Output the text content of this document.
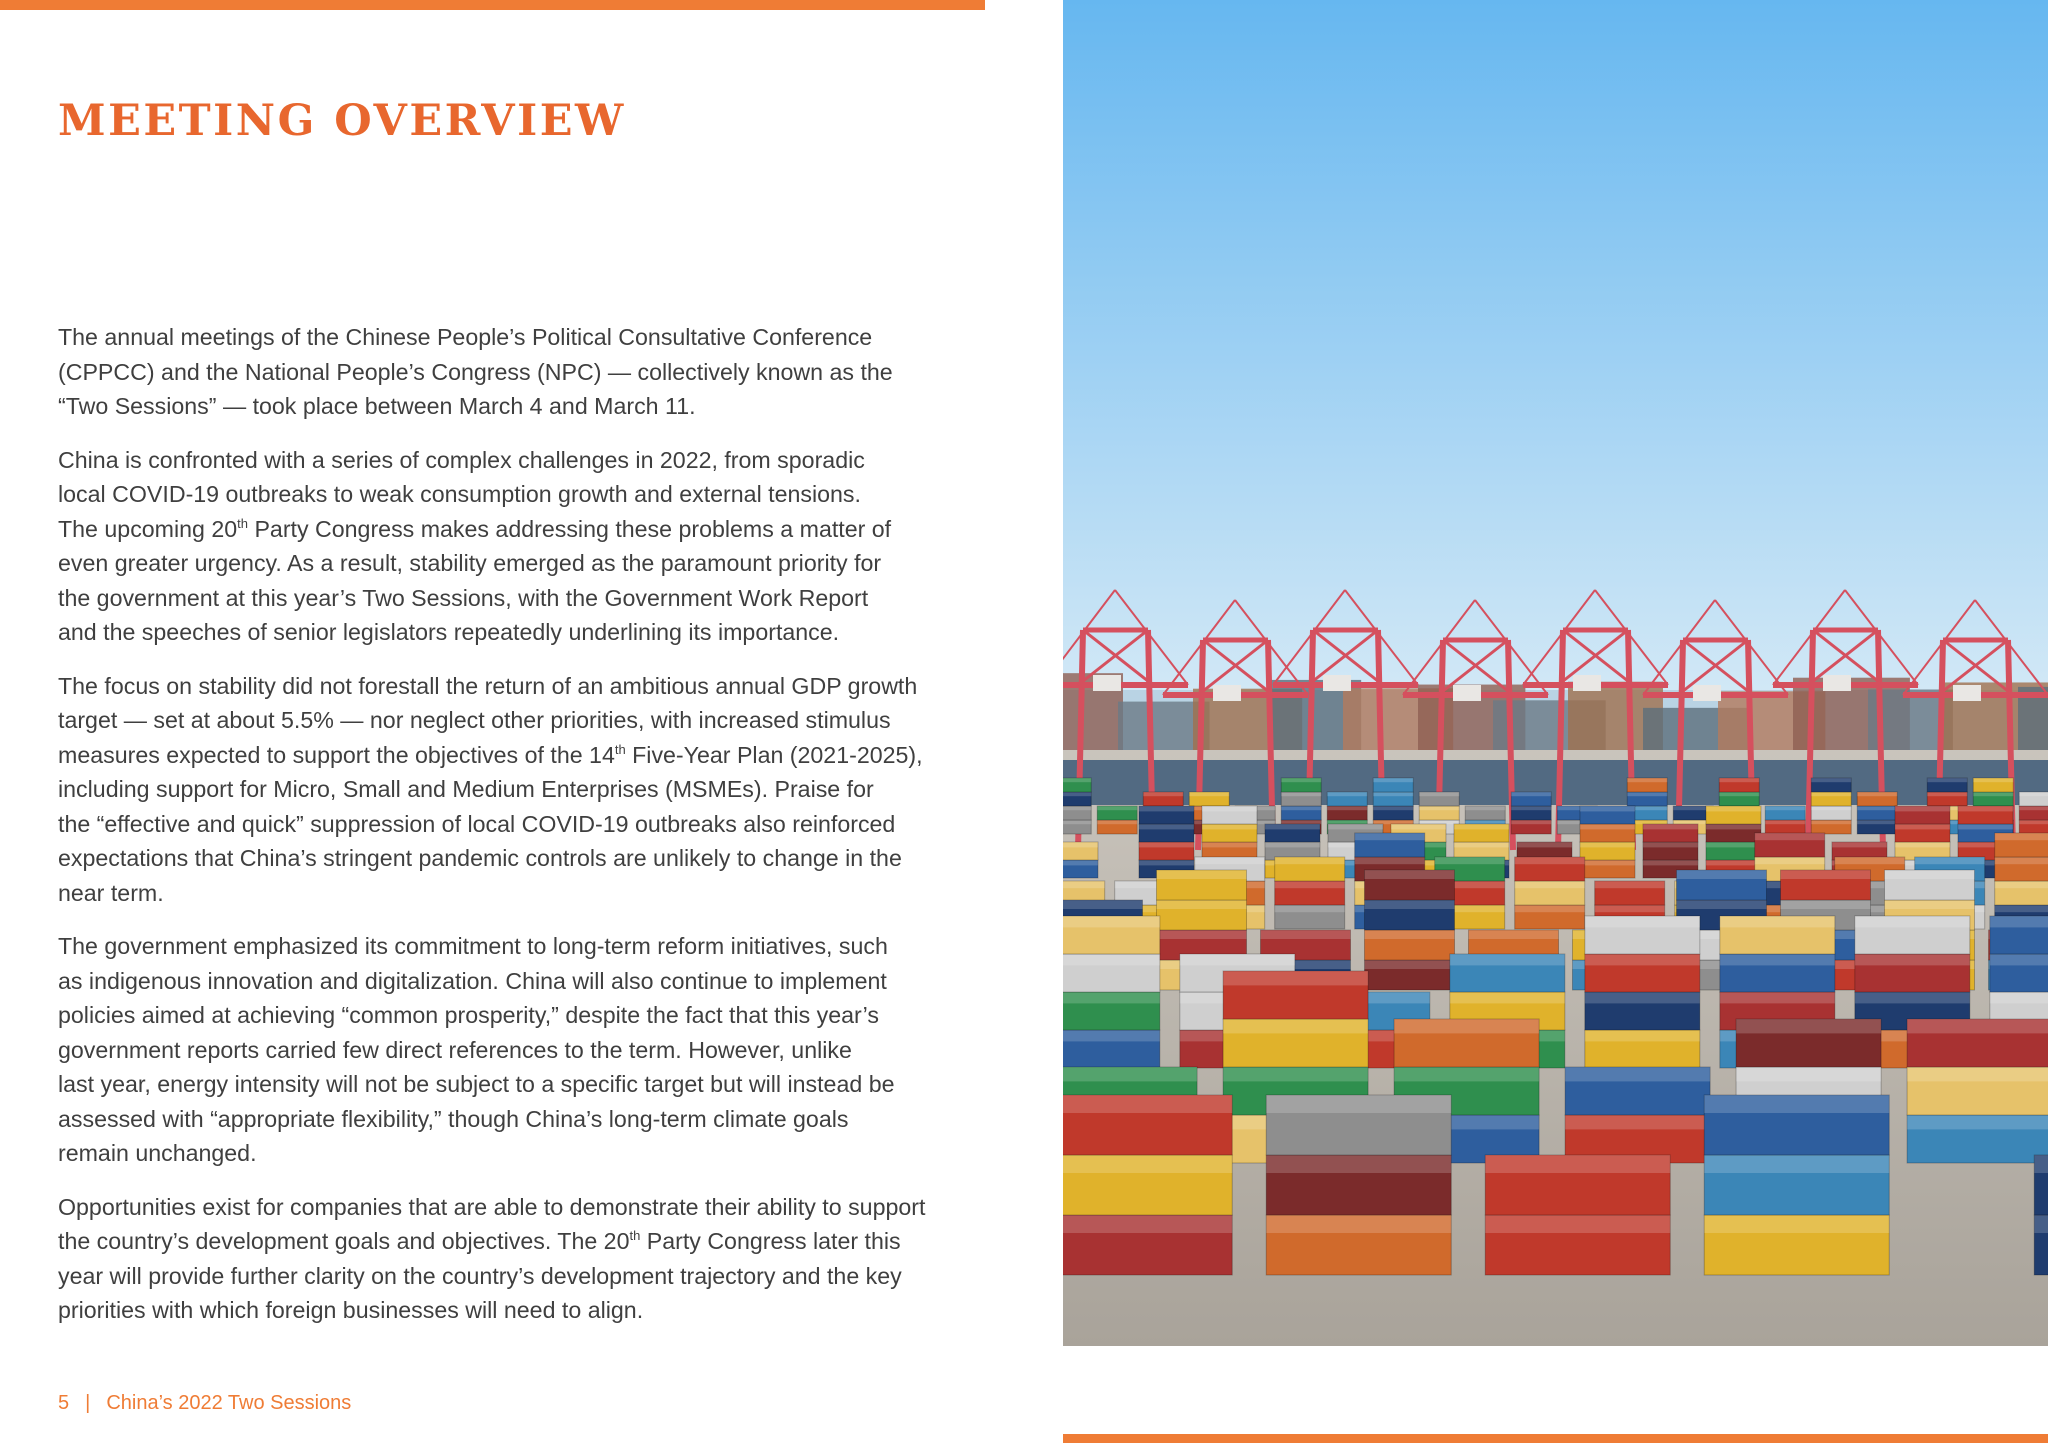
MEETING OVERVIEW

The annual meetings of the Chinese People’s Political Consultative Conference
(CPPCC) and the National People’s Congress (NPC) — collectively known as the
“Two Sessions” — took place between March 4 and March 11.

China is confronted with a series of complex challenges in 2022, from sporadic
local COVID-19 outbreaks to weak consumption growth and external tensions.
The upcoming 20th Party Congress makes addressing these problems a matter of
even greater urgency. As a result, stability emerged as the paramount priority for
the government at this year’s Two Sessions, with the Government Work Report
and the speeches of senior legislators repeatedly underlining its importance.

The focus on stability did not forestall the return of an ambitious annual GDP growth
target — set at about 5.5% — nor neglect other priorities, with increased stimulus
measures expected to support the objectives of the 14th Five-Year Plan (2021-2025),
including support for Micro, Small and Medium Enterprises (MSMEs). Praise for
the “effective and quick” suppression of local COVID-19 outbreaks also reinforced
expectations that China’s stringent pandemic controls are unlikely to change in the
near term.

The government emphasized its commitment to long-term reform initiatives, such
as indigenous innovation and digitalization. China will also continue to implement
policies aimed at achieving “common prosperity,” despite the fact that this year’s
government reports carried few direct references to the term. However, unlike
last year, energy intensity will not be subject to a specific target but will instead be
assessed with “appropriate flexibility,” though China’s long-term climate goals
remain unchanged.

Opportunities exist for companies that are able to demonstrate their ability to support
the country’s development goals and objectives. The 20th Party Congress later this
year will provide further clarity on the country’s development trajectory and the key
priorities with which foreign businesses will need to align.

5 | China’s 2022 Two Sessions
